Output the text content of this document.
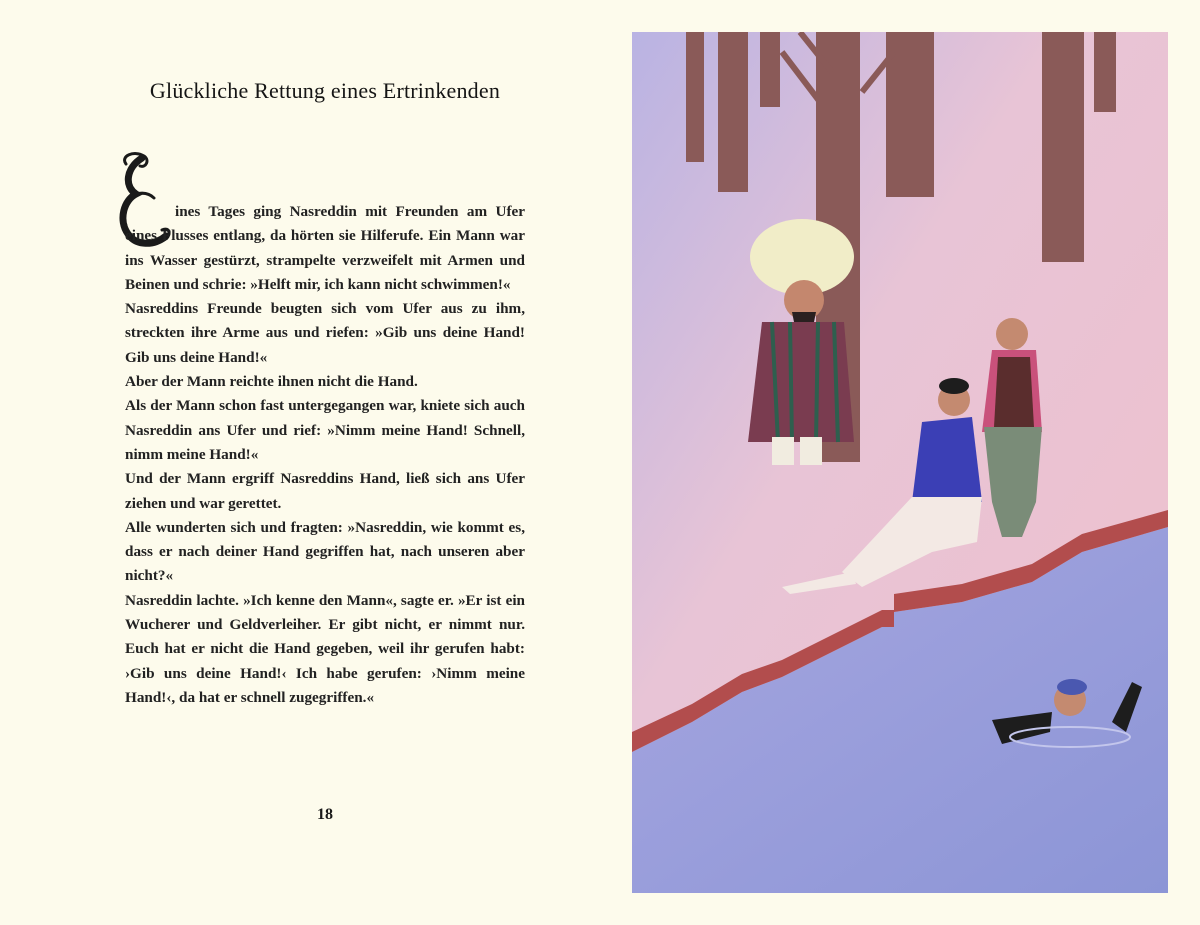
Glückliche Rettung eines Ertrinkenden
E

ines Tages ging Nasreddin mit Freunden am Ufer eines Flusses entlang, da hörten sie Hilferufe. Ein Mann war ins Wasser gestürzt, strampelte verzweifelt mit Armen und Beinen und schrie: »Helft mir, ich kann nicht schwimmen!«

Nasreddins Freunde beugten sich vom Ufer aus zu ihm, streckten ihre Arme aus und riefen: »Gib uns deine Hand! Gib uns deine Hand!«

Aber der Mann reichte ihnen nicht die Hand.

Als der Mann schon fast untergegangen war, kniete sich auch Nasreddin ans Ufer und rief: »Nimm meine Hand! Schnell, nimm meine Hand!«

Und der Mann ergriff Nasreddins Hand, ließ sich ans Ufer ziehen und war gerettet.

Alle wunderten sich und fragten: »Nasreddin, wie kommt es, dass er nach deiner Hand gegriffen hat, nach unseren aber nicht?«

Nasreddin lachte. »Ich kenne den Mann«, sagte er. »Er ist ein Wucherer und Geldverleiher. Er gibt nicht, er nimmt nur. Euch hat er nicht die Hand gegeben, weil ihr gerufen habt: ›Gib uns deine Hand!‹ Ich habe gerufen: ›Nimm meine Hand!‹, da hat er schnell zugegriffen.«

18
